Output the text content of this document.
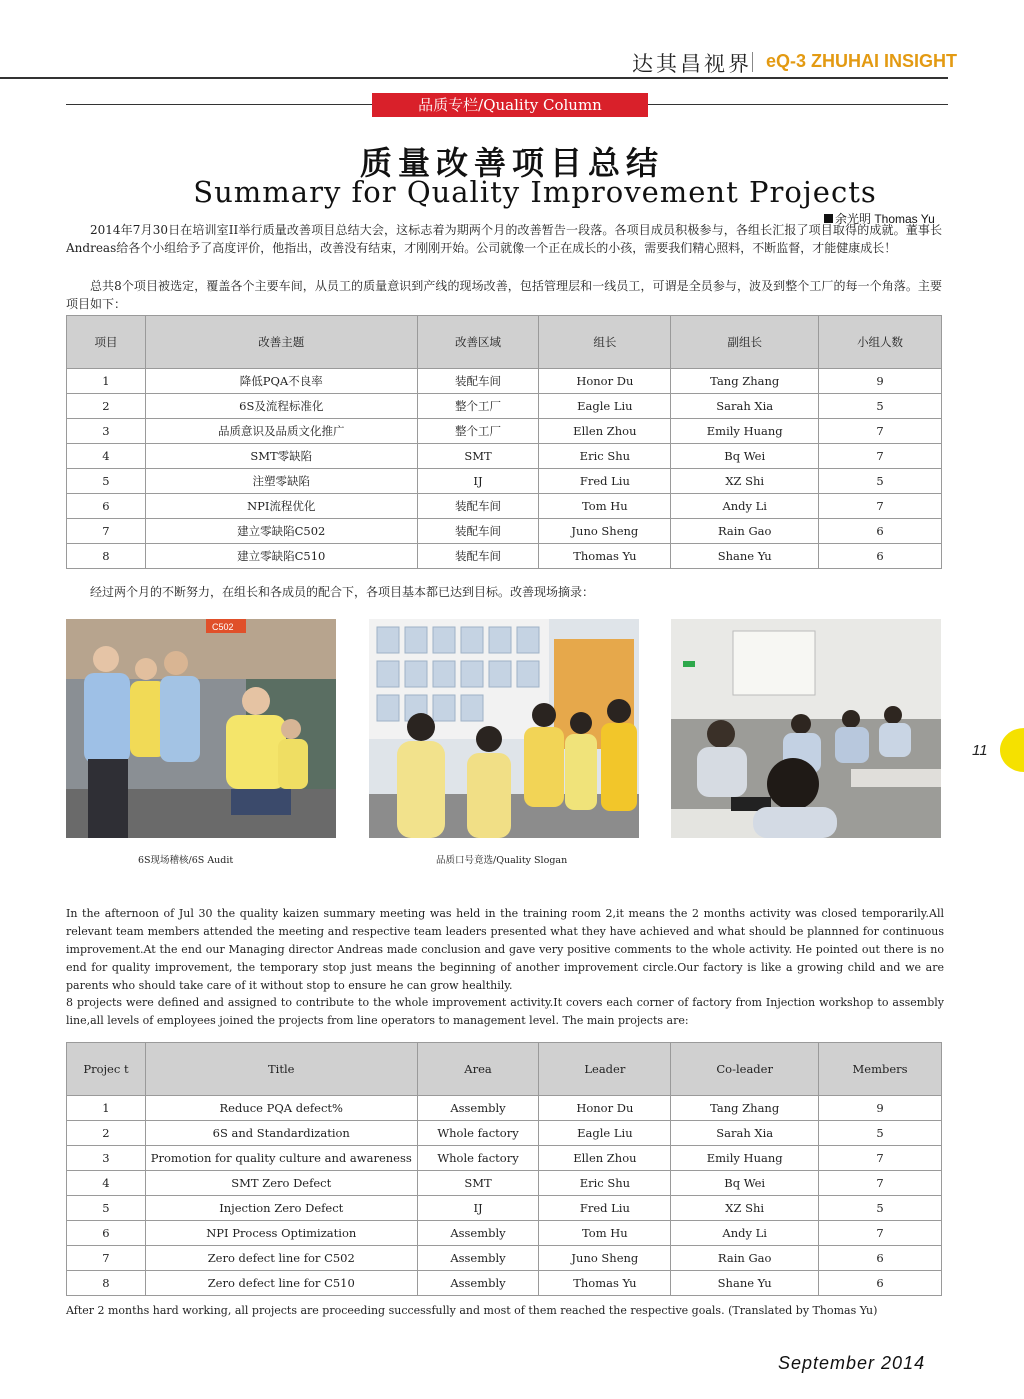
达其昌视界 eQ-3 ZHUHAI INSIGHT
品质专栏/Quality Column
质量改善项目总结
Summary for Quality Improvement Projects
余光明 Thomas Yu
2014年7月30日在培训室II举行质量改善项目总结大会，这标志着为期两个月的改善暂告一段落。各项目成员积极参与，各组长汇报了项目取得的成就。董事长Andreas给各个小组给予了高度评价，他指出，改善没有结束，才刚刚开始。公司就像一个正在成长的小孩，需要我们精心照料，不断监督，才能健康成长！
总共8个项目被选定，覆盖各个主要车间，从员工的质量意识到产线的现场改善，包括管理层和一线员工，可谓是全员参与，波及到整个工厂的每一个角落。主要项目如下：
项目	改善主题	改善区域	组长	副组长	小组人数
1	降低PQA不良率	装配车间	Honor Du	Tang Zhang	9
2	6S及流程标准化	整个工厂	Eagle Liu	Sarah Xia	5
3	品质意识及品质文化推广	整个工厂	Ellen Zhou	Emily Huang	7
4	SMT零缺陷	SMT	Eric Shu	Bq Wei	7
5	注塑零缺陷	IJ	Fred Liu	XZ Shi	5
6	NPI流程优化	装配车间	Tom Hu	Andy Li	7
7	建立零缺陷C502	装配车间	Juno Sheng	Rain Gao	6
8	建立零缺陷C510	装配车间	Thomas Yu	Shane Yu	6
经过两个月的不断努力，在组长和各成员的配合下，各项目基本都已达到目标。改善现场摘录：
C502
6S现场稽核/6S Audit	品质口号竟选/Quality Slogan
In the afternoon of Jul 30 the quality kaizen summary meeting was held in the training room 2,it means the 2 months activity was closed temporarily.All relevant team members attended the meeting and respective team leaders presented what they have achieved and what should be plannned for continuous improvement.At the end our Managing director Andreas made conclusion and gave very positive comments to the whole activity. He pointed out there is no end for quality improvement, the temporary stop just means the beginning of another improvement circle.Our factory is like a growing child and we are parents who should take care of it without stop to ensure he can grow healthily.
8 projects were defined and assigned to contribute to the whole improvement activity.It covers each corner of factory from Injection workshop to assembly line,all levels of employees joined the projects from line operators to management level. The main projects are:
Projec t	Title	Area	Leader	Co-leader	Members
1	Reduce PQA defect%	Assembly	Honor Du	Tang Zhang	9
2	6S and Standardization	Whole factory	Eagle Liu	Sarah Xia	5
3	Promotion for quality culture and awareness	Whole factory	Ellen Zhou	Emily Huang	7
4	SMT Zero Defect	SMT	Eric Shu	Bq Wei	7
5	Injection Zero Defect	IJ	Fred Liu	XZ Shi	5
6	NPI Process Optimization	Assembly	Tom Hu	Andy Li	7
7	Zero defect line for C502	Assembly	Juno Sheng	Rain Gao	6
8	Zero defect line for C510	Assembly	Thomas Yu	Shane Yu	6
After 2 months hard working, all projects are proceeding successfully and most of them reached the respective goals. (Translated by Thomas Yu)
11
September 2014
